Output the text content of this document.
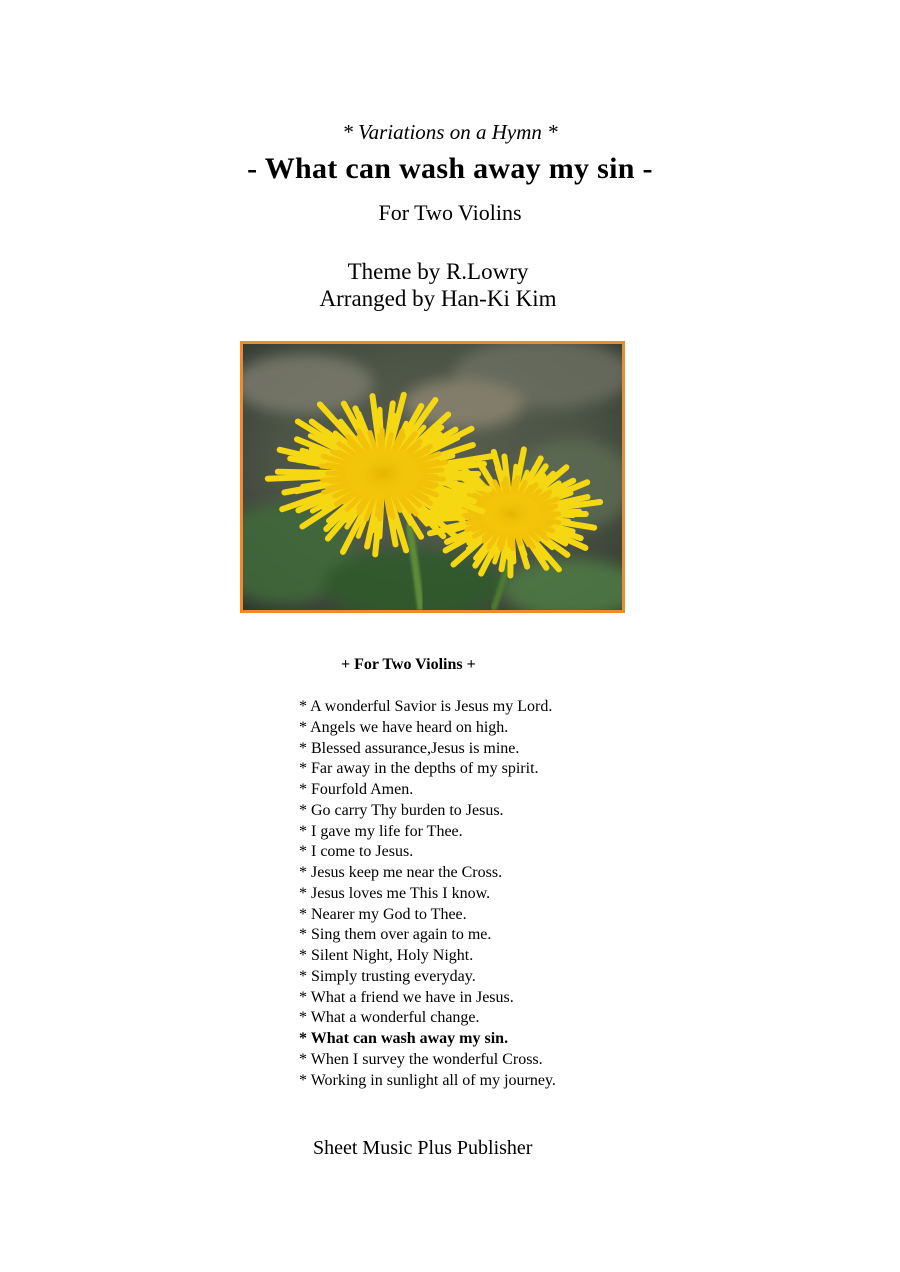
* Variations on a Hymn *
- What can wash away my sin -
For Two Violins
Theme by R.Lowry
Arranged by Han-Ki Kim
+ For Two Violins +
* A wonderful Savior is Jesus my Lord.
* Angels we have heard on high.
* Blessed assurance,Jesus is mine.
* Far away in the depths of my spirit.
* Fourfold Amen.
* Go carry Thy burden to Jesus.
* I gave my life for Thee.
* I come to Jesus.
* Jesus keep me near the Cross.
* Jesus loves me This I know.
* Nearer my God to Thee.
* Sing them over again to me.
* Silent Night, Holy Night.
* Simply trusting everyday.
* What a friend we have in Jesus.
* What a wonderful change.
* What can wash away my sin.
* When I survey the wonderful Cross.
* Working in sunlight all of my journey.
Sheet Music Plus Publisher
